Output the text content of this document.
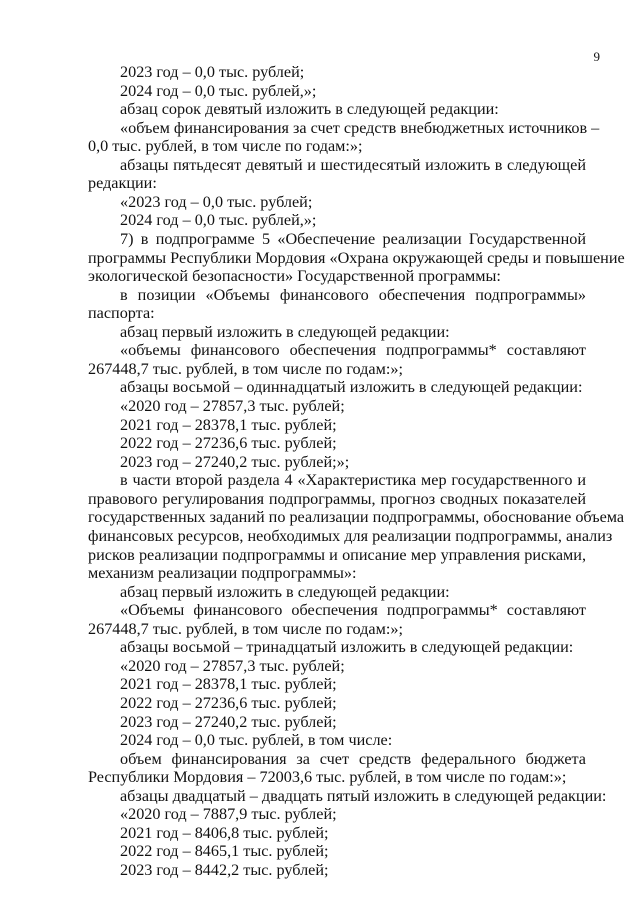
9
2023 год – 0,0 тыс. рублей;
2024 год – 0,0 тыс. рублей,»;
абзац сорок девятый изложить в следующей редакции:
«объем финансирования за счет средств внебюджетных источников –
0,0 тыс. рублей, в том числе по годам:»;
абзацы пятьдесят девятый и шестидесятый изложить в следующей
редакции:
«2023 год – 0,0 тыс. рублей;
2024 год – 0,0 тыс. рублей,»;
7) в подпрограмме 5 «Обеспечение реализации Государственной
программы Республики Мордовия «Охрана окружающей среды и повышение
экологической безопасности» Государственной программы:
в позиции «Объемы финансового обеспечения подпрограммы»
паспорта:
абзац первый изложить в следующей редакции:
«объемы финансового обеспечения подпрограммы* составляют
267448,7 тыс. рублей, в том числе по годам:»;
абзацы восьмой – одиннадцатый изложить в следующей редакции:
«2020 год – 27857,3 тыс. рублей;
2021 год – 28378,1 тыс. рублей;
2022 год – 27236,6 тыс. рублей;
2023 год – 27240,2 тыс. рублей;»;
в части второй раздела 4 «Характеристика мер государственного и
правового регулирования подпрограммы, прогноз сводных показателей
государственных заданий по реализации подпрограммы, обоснование объема
финансовых ресурсов, необходимых для реализации подпрограммы, анализ
рисков реализации подпрограммы и описание мер управления рисками,
механизм реализации подпрограммы»:
абзац первый изложить в следующей редакции:
«Объемы финансового обеспечения подпрограммы* составляют
267448,7 тыс. рублей, в том числе по годам:»;
абзацы восьмой – тринадцатый изложить в следующей редакции:
«2020 год – 27857,3 тыс. рублей;
2021 год – 28378,1 тыс. рублей;
2022 год – 27236,6 тыс. рублей;
2023 год – 27240,2 тыс. рублей;
2024 год – 0,0 тыс. рублей, в том числе:
объем финансирования за счет средств федерального бюджета
Республики Мордовия – 72003,6 тыс. рублей, в том числе по годам:»;
абзацы двадцатый – двадцать пятый изложить в следующей редакции:
«2020 год – 7887,9 тыс. рублей;
2021 год – 8406,8 тыс. рублей;
2022 год – 8465,1 тыс. рублей;
2023 год – 8442,2 тыс. рублей;
